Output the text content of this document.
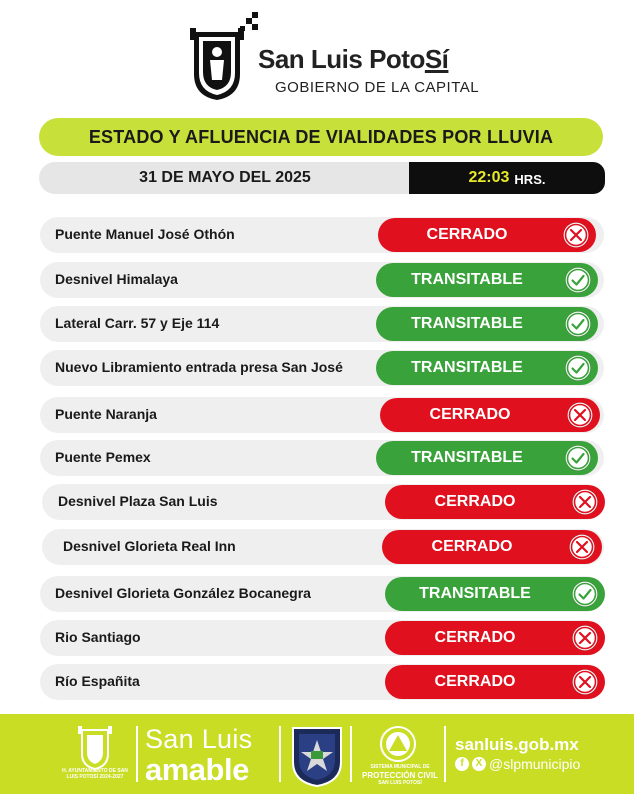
San Luis PotoSí
GOBIERNO DE LA CAPITAL
ESTADO Y AFLUENCIA DE VIALIDADES POR LLUVIA
31 DE MAYO DEL 2025	22:03 HRS.
Puente Manuel José Othón	CERRADO
Desnivel Himalaya	TRANSITABLE
Lateral Carr. 57 y Eje 114	TRANSITABLE
Nuevo Libramiento entrada presa San José	TRANSITABLE
Puente Naranja	CERRADO
Puente Pemex	TRANSITABLE
Desnivel Plaza San Luis	CERRADO
Desnivel Glorieta Real Inn	CERRADO
Desnivel Glorieta González Bocanegra	TRANSITABLE
Rio Santiago	CERRADO
Río Españita	CERRADO
H. AYUNTAMIENTO DE SAN LUIS POTOSÍ 2024-2027
San Luis
amable	SISTEMA MUNICIPAL DE
PROTECCIÓN CIVIL
SAN LUIS POTOSÍ
sanluis.gob.mx
f	X @slpmunicipio
